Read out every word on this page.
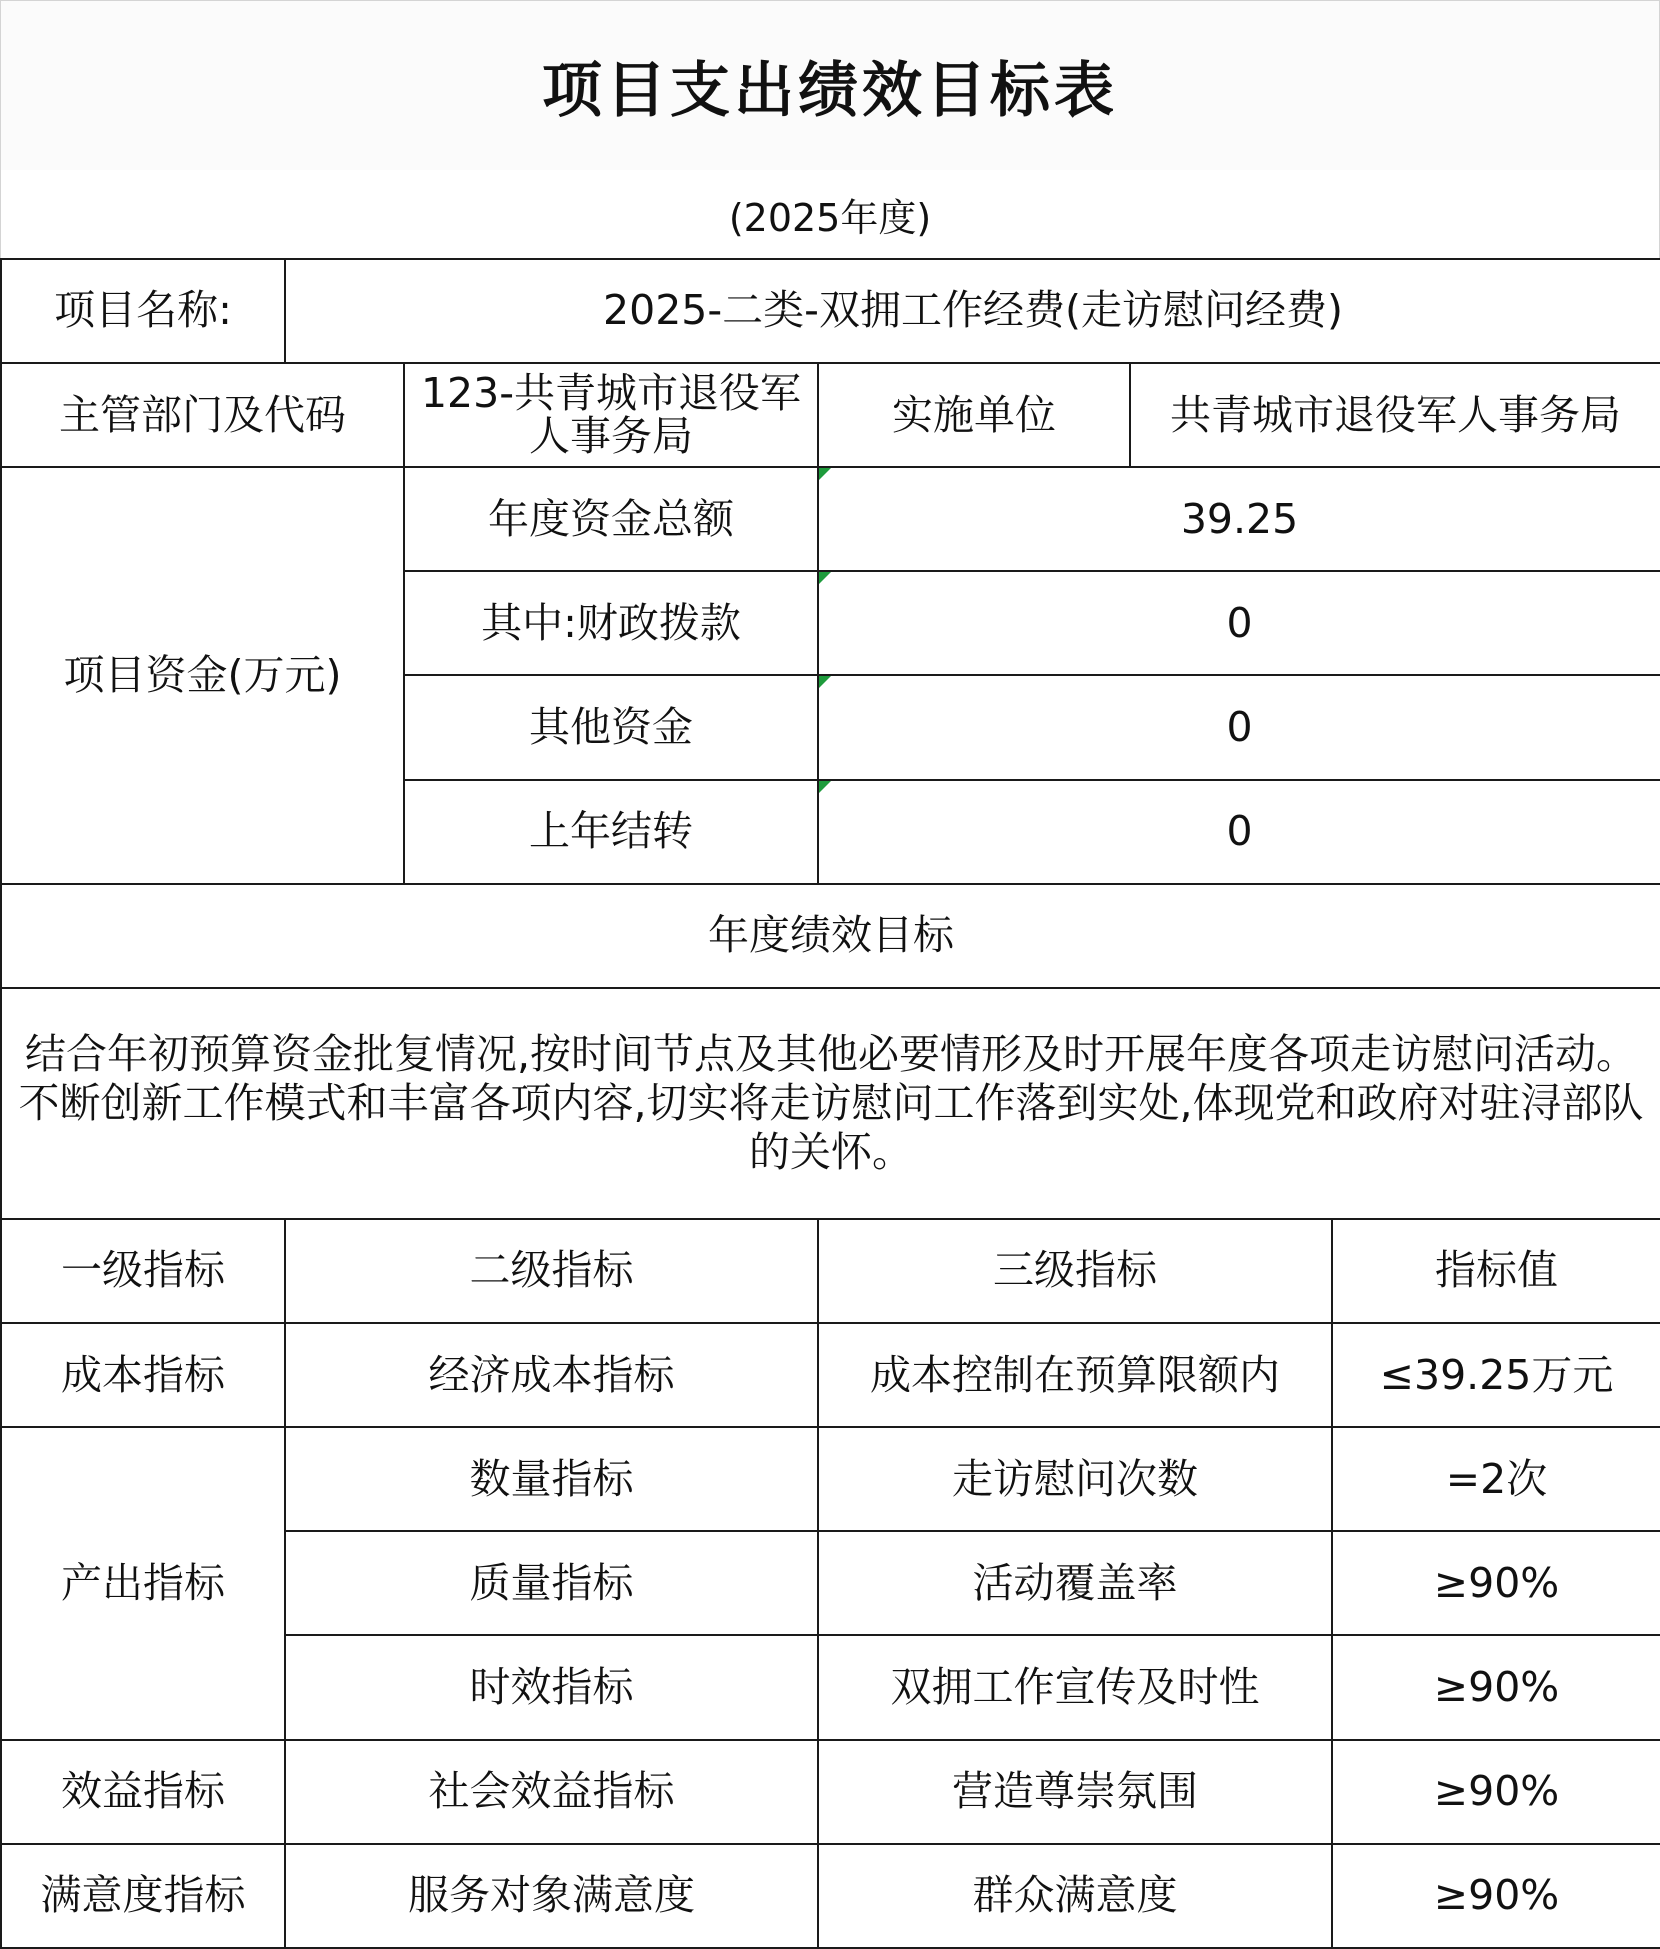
项目支出绩效目标表
(2025年度)
项目名称:	2025-二类-双拥工作经费(走访慰问经费)				
主管部门及代码		123-共青城市退役军人事务局	实施单位	共青城市退役军人事务局	
项目资金(万元)		年度资金总额	39.25		
		其中:财政拨款	0		
		其他资金	0		
		上年结转	0		
年度绩效目标					
结合年初预算资金批复情况,按时间节点及其他必要情形及时开展年度各项走访慰问活动。不断创新工作模式和丰富各项内容,切实将走访慰问工作落到实处,体现党和政府对驻浔部队的关怀。					
一级指标	二级指标		三级指标		指标值
成本指标	经济成本指标		成本控制在预算限额内		≤39.25万元
产出指标	数量指标		走访慰问次数		=2次
	质量指标		活动覆盖率		≥90%
	时效指标		双拥工作宣传及时性		≥90%
效益指标	社会效益指标		营造尊崇氛围		≥90%
满意度指标	服务对象满意度		群众满意度		≥90%
